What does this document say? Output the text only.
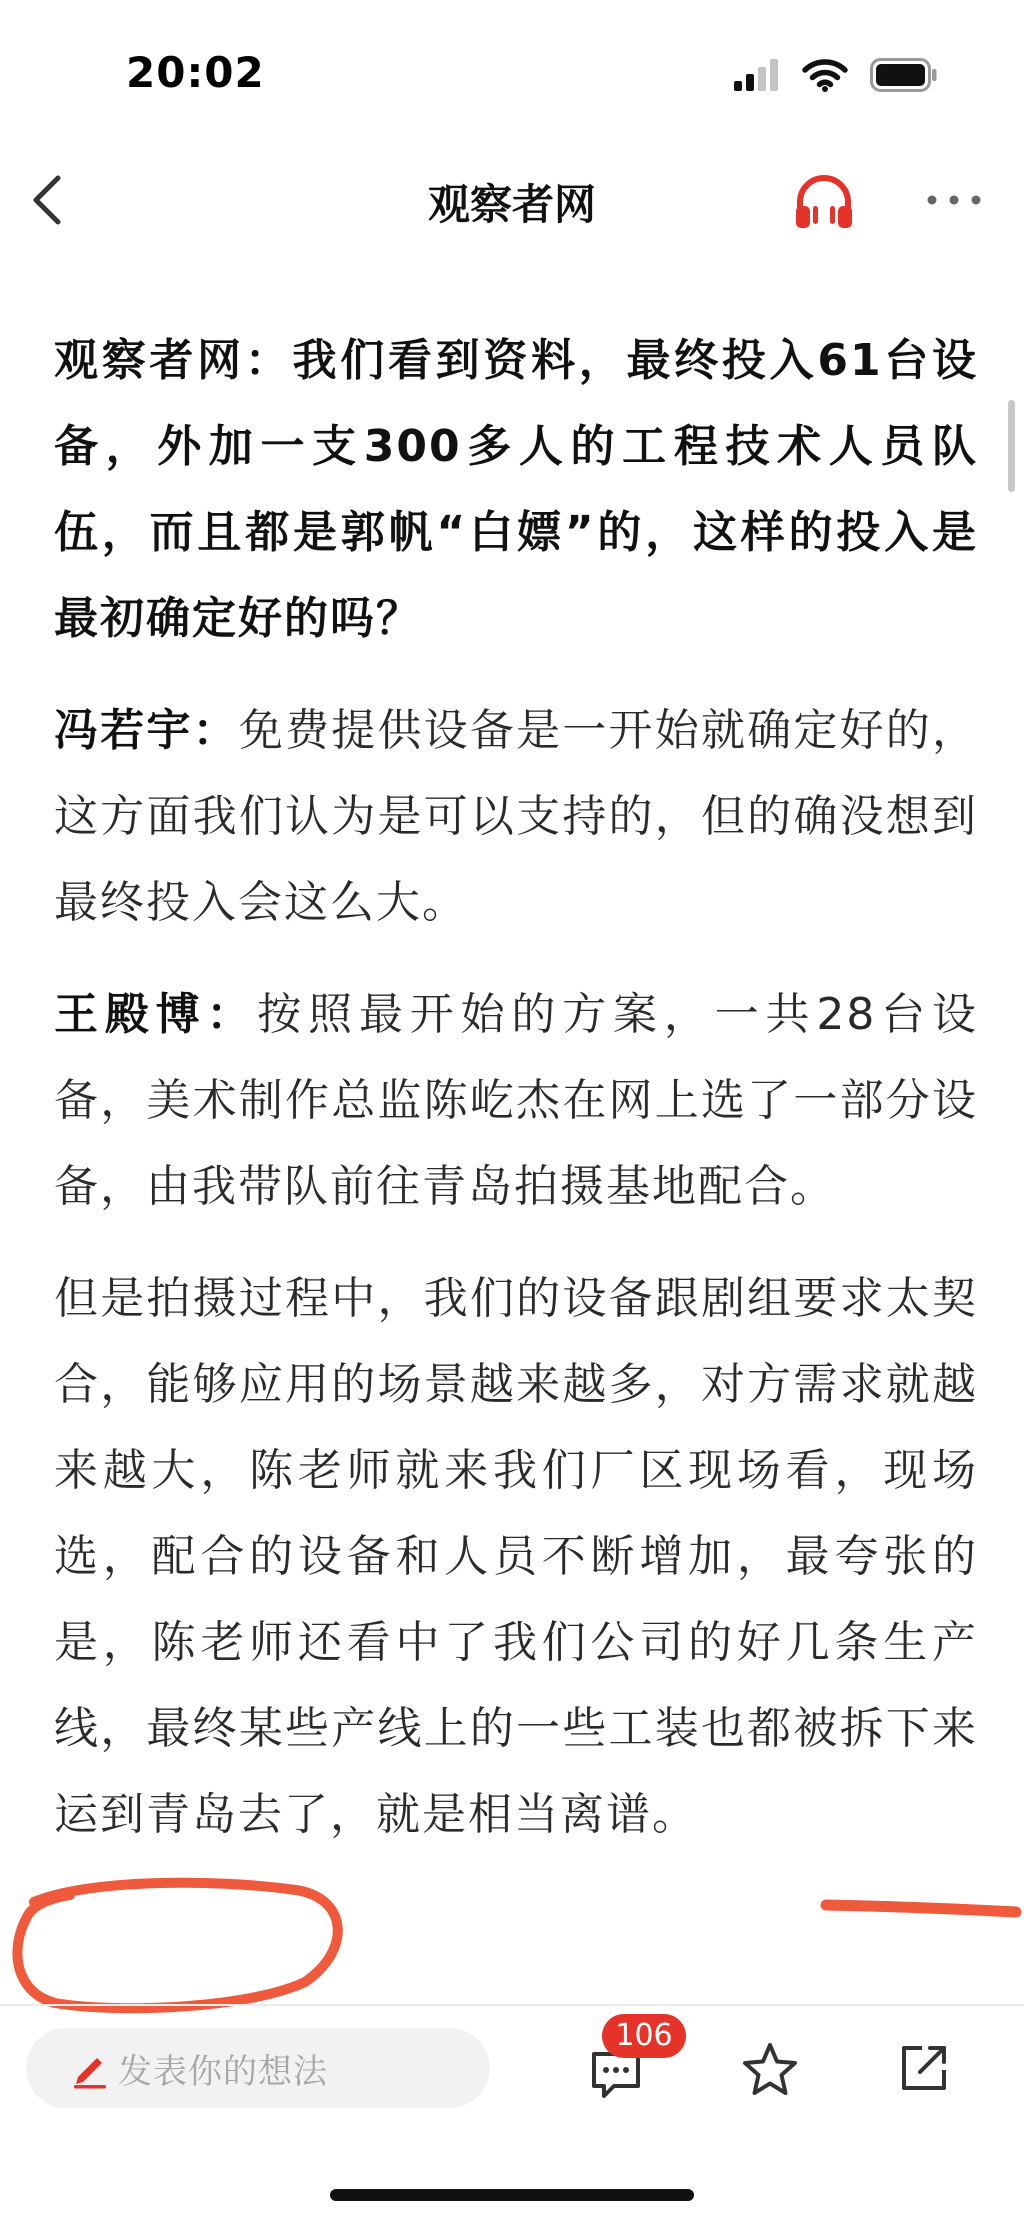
20:02
观察者网

观察者网：我们看到资料，最终投入61台设备，外加一支300多人的工程技术人员队伍，而且都是郭帆“白嫖”的，这样的投入是最初确定好的吗？

冯若宇：免费提供设备是一开始就确定好的，这方面我们认为是可以支持的，但的确没想到最终投入会这么大。

王殿博：按照最开始的方案，一共28台设备，美术制作总监陈屹杰在网上选了一部分设备，由我带队前往青岛拍摄基地配合。

但是拍摄过程中，我们的设备跟剧组要求太契合，能够应用的场景越来越多，对方需求就越来越大，陈老师就来我们厂区现场看，现场选，配合的设备和人员不断增加，最夸张的是，陈老师还看中了我们公司的好几条生产线，最终某些产线上的一些工装也都被拆下来运到青岛去了，就是相当离谱。

发表你的想法
106
